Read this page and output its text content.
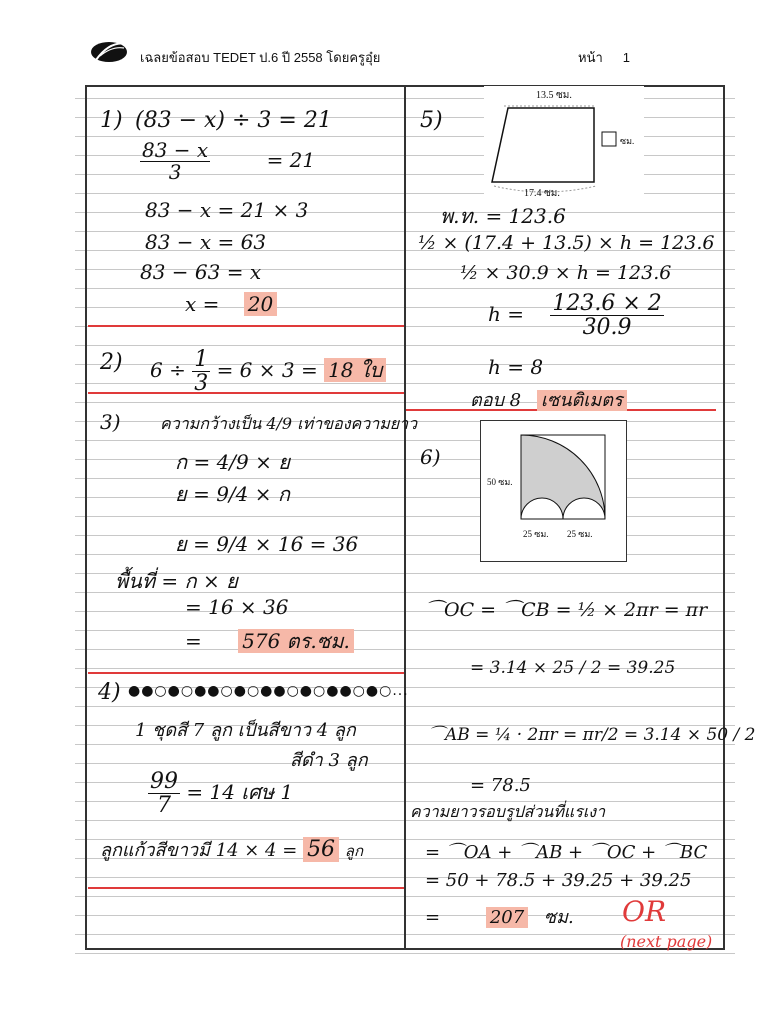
เฉลยข้อสอบ TEDET ป.6 ปี 2558 โดยครูอุ๋ย	หน้า 1
1) (83 − x) ÷ 3 = 21
$\frac{83 - x}{3}$	= 21
83 − x = 21 × 3
83 − x = 63
83 − 63 = x
x = 20
2) $6 \div \frac{1}{3} = 6 \times 3 = 18$ ใบ
3) ความกว้างเป็น 4/9 เท่าของความยาว
ก = 4/9 × ย
ย = 9/4 × ก
ย = 9/4 × 16 = 36
พื้นที่ = ก × ย
= 16 × 36
= 576 ตร.ซม.
4) ●●○●○●●○●○●●○●○●●○●○...
1 ชุดสี 7 ลูก เป็นสีขาว 4 ลูก
สีดำ 3 ลูก
$\frac{99}{7} = 14$ เศษ 1
ลูกแก้วสีขาวมี 14 × 4 = 56 ลูก
5)
13.5 ซม.
ซม.
17.4 ซม.
พ.ท. = 123.6
½ × (17.4 + 13.5) × h = 123.6
½ × 30.9 × h = 123.6
$h = \frac{123.6 \times 2}{30.9}$
h = 8
ตอบ 8 เซนติเมตร
6)
50 ซม.
25 ซม. 25 ซม.
⌒OC = ⌒CB = ½ × 2πr = πr
= 3.14 × 25 / 2 = 39.25
⌒AB = ¼ · 2πr = πr/2 = 3.14 × 50 / 2
= 78.5
ความยาวรอบรูปส่วนที่แรเงา
= ⌒OA + ⌒AB + ⌒OC + ⌒BC
= 50 + 78.5 + 39.25 + 39.25
=	207 ซม. OR
(next page)
